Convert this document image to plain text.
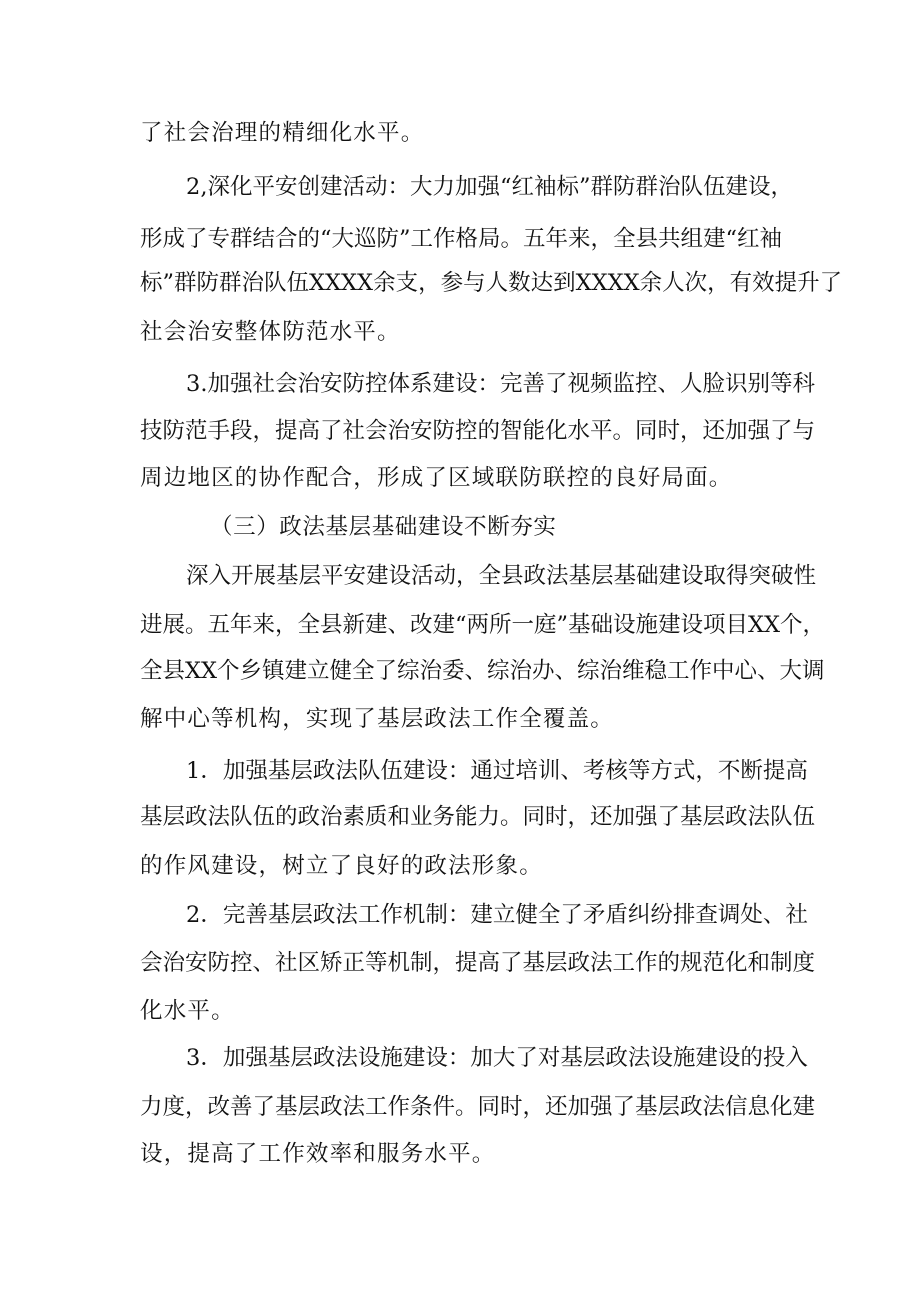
了社会治理的精细化水平。
2,深化平安创建活动：大力加强“红袖标”群防群治队伍建设，
形成了专群结合的“大巡防”工作格局。五年来，全县共组建“红袖
标”群防群治队伍XXXX余支，参与人数达到XXXX余人次，有效提升了
社会治安整体防范水平。
3.加强社会治安防控体系建设：完善了视频监控、人脸识别等科
技防范手段，提高了社会治安防控的智能化水平。同时，还加强了与
周边地区的协作配合，形成了区域联防联控的良好局面。
（三）政法基层基础建设不断夯实
深入开展基层平安建设活动，全县政法基层基础建设取得突破性
进展。五年来，全县新建、改建“两所一庭”基础设施建设项目XX个，
全县XX个乡镇建立健全了综治委、综治办、综治维稳工作中心、大调
解中心等机构，实现了基层政法工作全覆盖。
1．加强基层政法队伍建设：通过培训、考核等方式，不断提高
基层政法队伍的政治素质和业务能力。同时，还加强了基层政法队伍
的作风建设，树立了良好的政法形象。
2．完善基层政法工作机制：建立健全了矛盾纠纷排查调处、社
会治安防控、社区矫正等机制，提高了基层政法工作的规范化和制度
化水平。
3．加强基层政法设施建设：加大了对基层政法设施建设的投入
力度，改善了基层政法工作条件。同时，还加强了基层政法信息化建
设，提高了工作效率和服务水平。
